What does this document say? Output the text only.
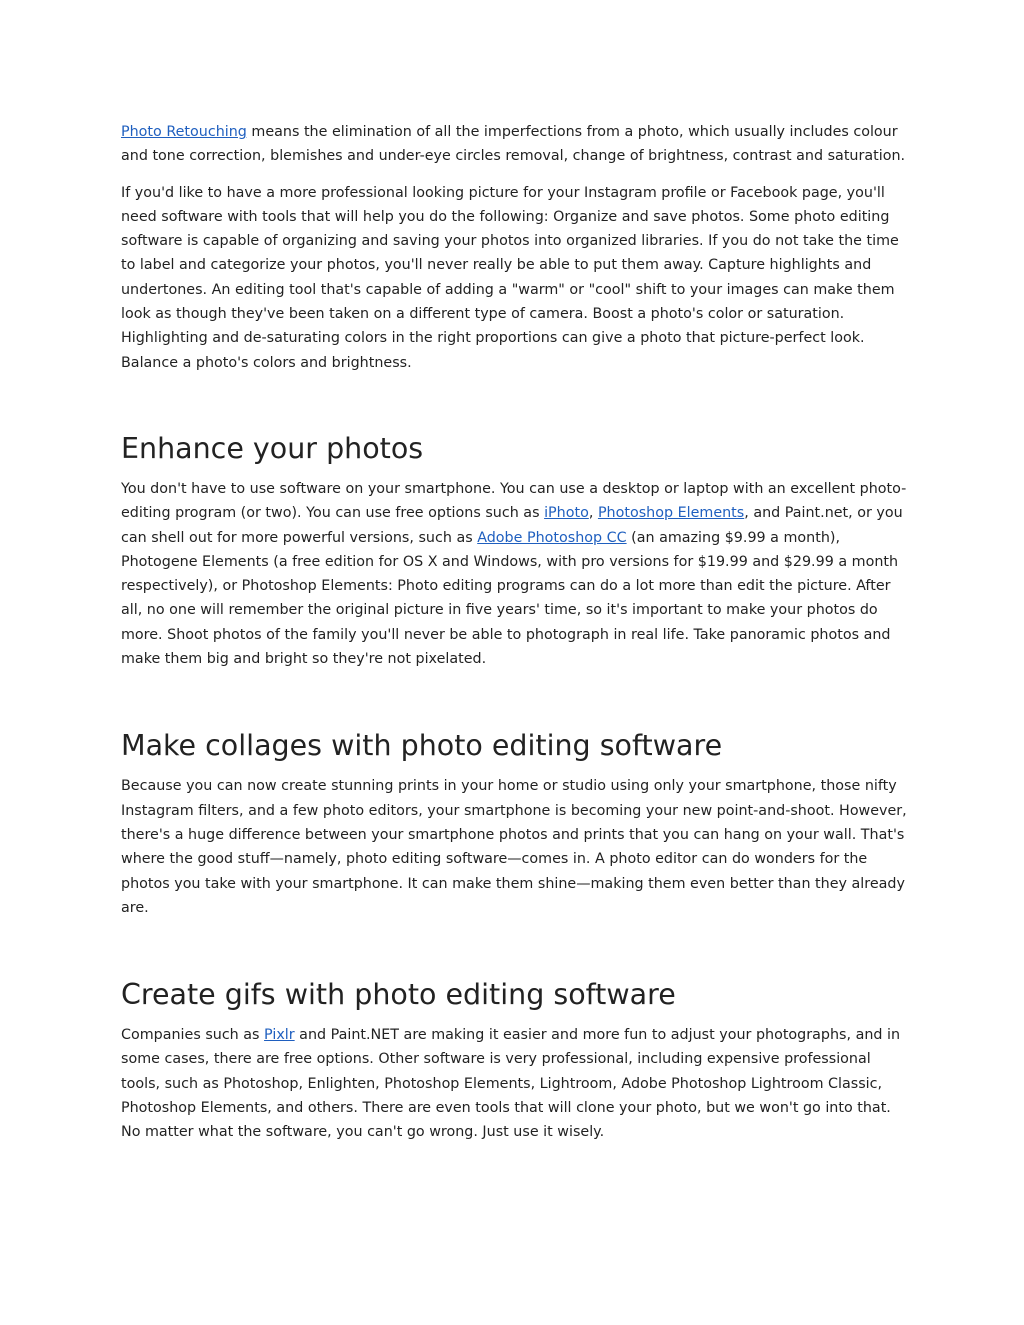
Photo Retouching means the elimination of all the imperfections from a photo, which usually includes colour and tone correction, blemishes and under-eye circles removal, change of brightness, contrast and saturation.

If you'd like to have a more professional looking picture for your Instagram profile or Facebook page, you'll need software with tools that will help you do the following: Organize and save photos. Some photo editing software is capable of organizing and saving your photos into organized libraries. If you do not take the time to label and categorize your photos, you'll never really be able to put them away. Capture highlights and undertones. An editing tool that's capable of adding a "warm" or "cool" shift to your images can make them look as though they've been taken on a different type of camera. Boost a photo's color or saturation. Highlighting and de-saturating colors in the right proportions can give a photo that picture-perfect look. Balance a photo's colors and brightness.

Enhance your photos

You don't have to use software on your smartphone. You can use a desktop or laptop with an excellent photo-editing program (or two). You can use free options such as iPhoto, Photoshop Elements, and Paint.net, or you can shell out for more powerful versions, such as Adobe Photoshop CC (an amazing $9.99 a month), Photogene Elements (a free edition for OS X and Windows, with pro versions for $19.99 and $29.99 a month respectively), or Photoshop Elements: Photo editing programs can do a lot more than edit the picture. After all, no one will remember the original picture in five years' time, so it's important to make your photos do more. Shoot photos of the family you'll never be able to photograph in real life. Take panoramic photos and make them big and bright so they're not pixelated.

Make collages with photo editing software

Because you can now create stunning prints in your home or studio using only your smartphone, those nifty Instagram filters, and a few photo editors, your smartphone is becoming your new point-and-shoot. However, there's a huge difference between your smartphone photos and prints that you can hang on your wall. That's where the good stuff—namely, photo editing software—comes in. A photo editor can do wonders for the photos you take with your smartphone. It can make them shine—making them even better than they already are.

Create gifs with photo editing software

Companies such as Pixlr and Paint.NET are making it easier and more fun to adjust your photographs, and in some cases, there are free options. Other software is very professional, including expensive professional tools, such as Photoshop, Enlighten, Photoshop Elements, Lightroom, Adobe Photoshop Lightroom Classic, Photoshop Elements, and others. There are even tools that will clone your photo, but we won't go into that. No matter what the software, you can't go wrong. Just use it wisely.
